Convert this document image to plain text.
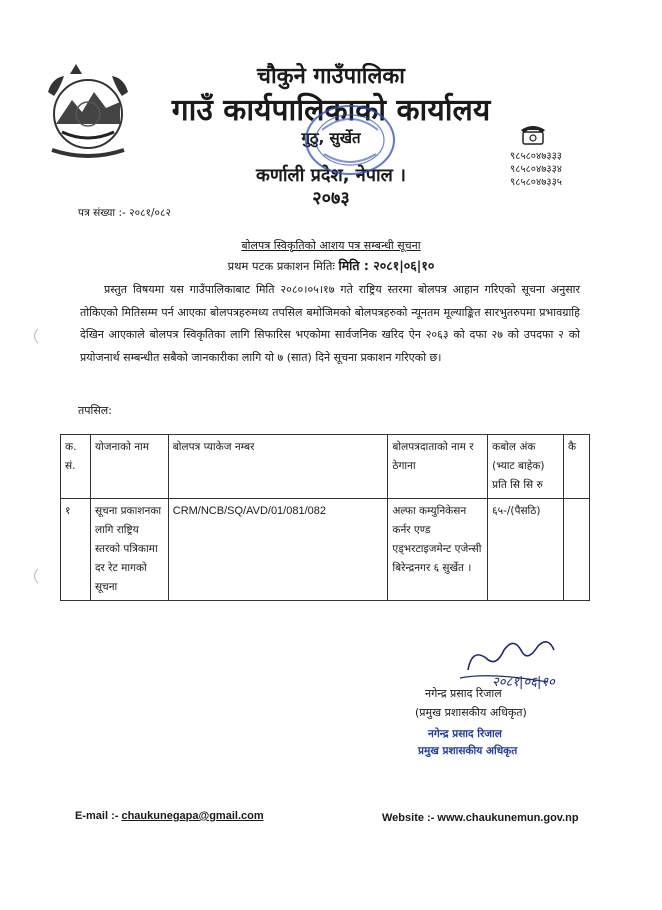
चौकुने गाउँपालिका
गाउँ कार्यपालिकाको कार्यालय
गुठु, सुर्खेत
कर्णाली प्रदेश, नेपाल ।
२०७३
९८५८०४७३३३
९८५८०४७३३४
९८५८०४७३३५
पत्र संख्या :- २०८१/०८२
बोलपत्र स्विकृतिको आशय पत्र सम्बन्धी सूचना
प्रथम पटक प्रकाशन मितिः मिति : २०८१|०६|१०
प्रस्तुत विषयमा यस गाउँपालिकाबाट मिति २०८०।०५।१७ गते राष्ट्रिय स्तरमा बोलपत्र आहान गरिएको सूचना अनुसार तोकिएको मितिसम्म पर्न आएका बोलपत्रहरुमध्य तपसिल बमोजिमको बोलपत्रहरुको न्यूनतम मूल्याङ्कित सारभुतरुपमा प्रभावग्राहि देखिन आएकाले बोलपत्र स्विकृतिका लागि सिफारिस भएकोमा सार्वजनिक खरिद ऐन २०६३ को दफा २७ को उपदफा २ को प्रयोजनार्थ सम्बन्धीत सबैको जानकारीका लागि यो ७ (सात) दिने सूचना प्रकाशन गरिएको छ।
तपसिल:
क. सं.	योजनाको नाम	बोलपत्र प्याकेज नम्बर	बोलपत्रदाताको नाम र ठेगाना	कबोल अंक (भ्याट बाहेक) प्रति सि सि रु	कै
१	सूचना प्रकाशनका लागि राष्ट्रिय स्तरको पत्रिकामा दर रेट मागको सूचना	CRM/NCB/SQ/AVD/01/081/082	अल्फा कम्युनिकेसन कर्नर एण्ड एड्भरटाइजमेन्ट एजेन्सी बिरेन्द्रनगर ६ सुर्खेत ।	६५-/(पैसठि)	
२०८१|०६|१०
नगेन्द्र प्रसाद रिजाल
(प्रमुख प्रशासकीय अधिकृत)
नगेन्द्र प्रसाद रिजाल
प्रमुख प्रशासकीय अधिकृत
E-mail :- chaukunegapa@gmail.com	Website :- www.chaukunemun.gov.np
